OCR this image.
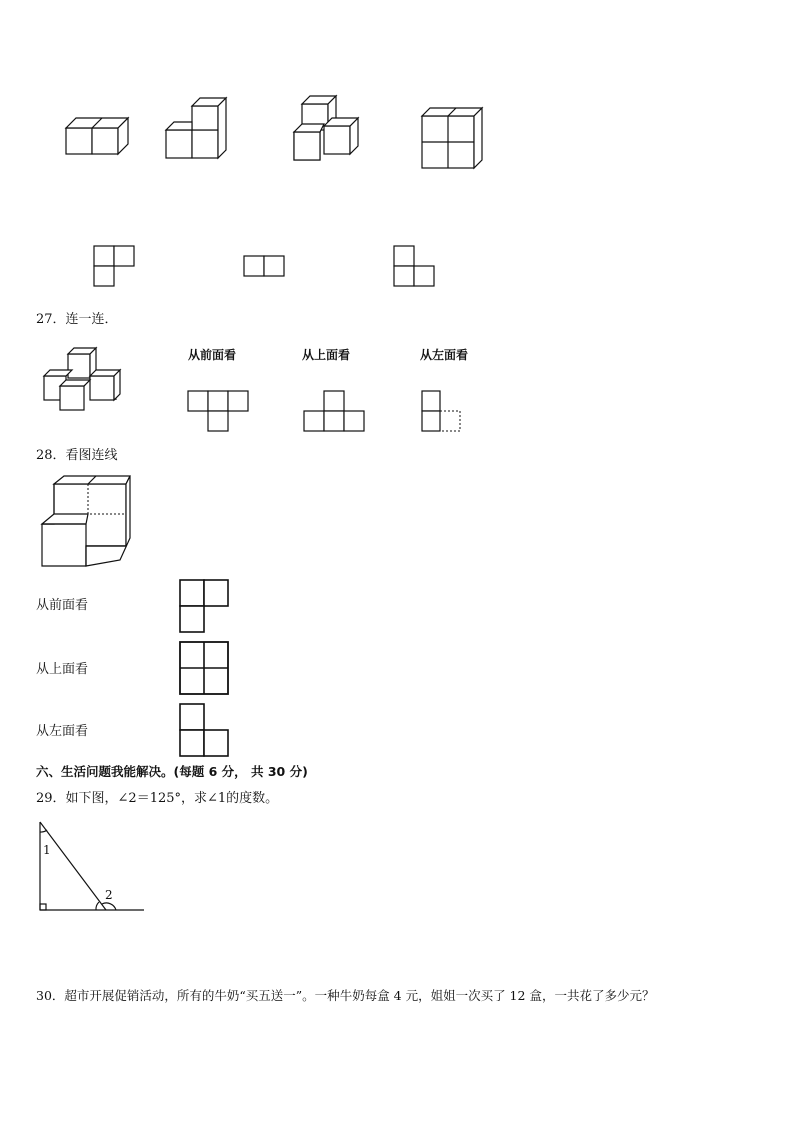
27．连一连．
从前面看	从上面看	从左面看
28．看图连线
从前面看
从上面看
从左面看
六、生活问题我能解决。(每题 6 分， 共 30 分)
29．如下图，∠2＝125°，求∠1的度数。
1
2
30．超市开展促销活动，所有的牛奶“买五送一”。一种牛奶每盒 4 元，姐姐一次买了 12 盒，一共花了多少元？
